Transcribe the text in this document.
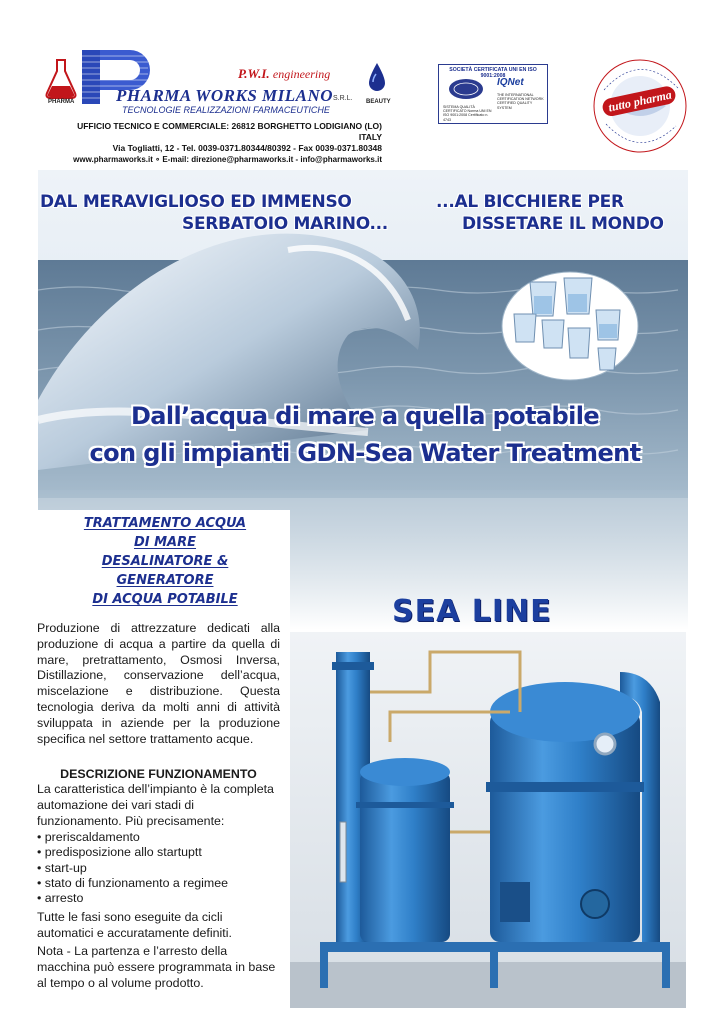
PHARMA
P.W.I. engineering
PHARMA WORKS MILANO S.R.L. BEAUTY
TECNOLOGIE REALIZZAZIONI FARMACEUTICHE
UFFICIO TECNICO E COMMERCIALE: 26812 BORGHETTO LODIGIANO (LO) ITALY
Via Togliatti, 12 - Tel. 0039-0371.80344/80392 - Fax 0039-0371.80348
www.pharmaworks.it ∘ E-mail: direzione@pharmaworks.it - info@pharmaworks.it
SOCIETÀ CERTIFICATA UNI EN ISO 9001:2008
SISTEMA QUALITÀ CERTIFICATO Norma UNI EN ISO 9001:2008 Certificato n. 4743
IQNet
THE INTERNATIONAL CERTIFICATION NETWORK CERTIFIED QUALITY SYSTEM	tutto pharma
DAL MERAVIGLIOSO ED IMMENSO
SERBATOIO MARINO...
...AL BICCHIERE PER
DISSETARE IL MONDO
Dall’acqua di mare a quella potabile
con gli impianti GDN-Sea Water Treatment
TRATTAMENTO ACQUA
DI MARE
DESALINATORE &
GENERATORE
DI ACQUA POTABILE
Produzione di attrezzature dedicati alla produzione di acqua a partire da quella di mare, pretrattamento, Osmosi Inversa, Distillazione, conservazione dell’acqua, miscelazione e distribuzione. Questa tecnologia deriva da molti anni di attività sviluppata in aziende per la produzione specifica nel settore trattamento acque.
DESCRIZIONE FUNZIONAMENTO
La caratteristica dell’impianto è la completa automazione dei vari stadi di funzionamento. Più precisamente:
• preriscaldamento
• predisposizione allo startuptt
• start-up
• stato di funzionamento a regimee
• arresto
Tutte le fasi sono eseguite da cicli automatici e accuratamente definiti.
Nota - La partenza e l’arresto della macchina può essere programmata in base al tempo o al volume prodotto.
SEA LINE
